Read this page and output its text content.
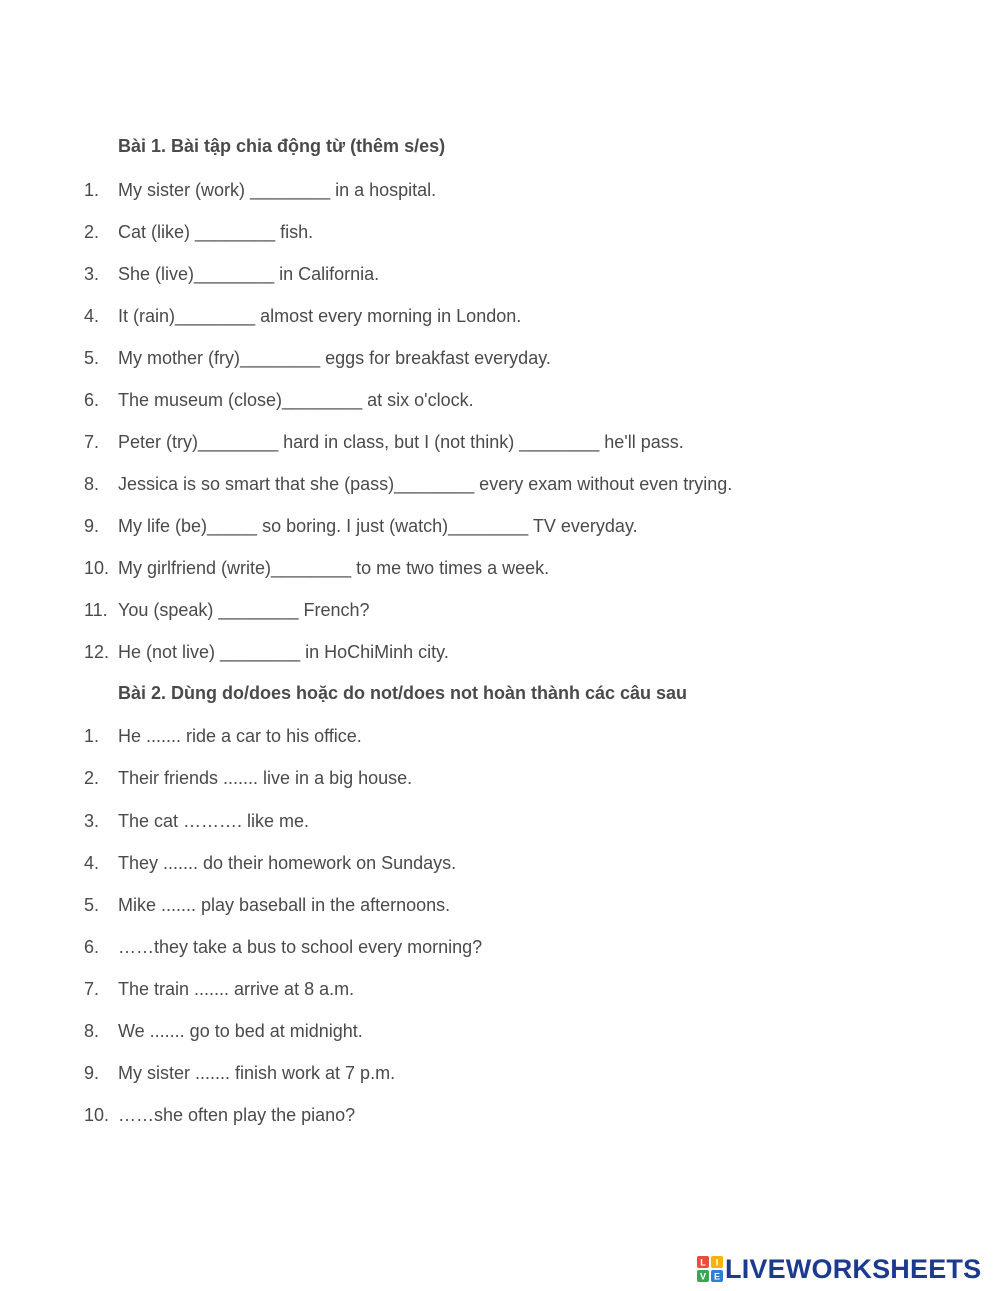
Bài 1. Bài tập chia động từ (thêm s/es)
1.	My sister (work) ________ in a hospital.
2.	Cat (like) ________ fish.
3.	She (live)________ in California.
4.	It (rain)________ almost every morning in London.
5.	My mother (fry)________ eggs for breakfast everyday.
6.	The museum (close)________ at six o'clock.
7.	Peter (try)________ hard in class, but I (not think) ________ he'll pass.
8.	Jessica is so smart that she (pass)________ every exam without even trying.
9.	My life (be)_____ so boring. I just (watch)________ TV everyday.
10. My girlfriend (write)________ to me two times a week.
11. You (speak) ________ French?
12. He (not live) ________ in HoChiMinh city.
Bài 2. Dùng do/does hoặc do not/does not hoàn thành các câu sau
1.	He ....... ride a car to his office.
2.	Their friends ....... live in a big house.
3.	The cat ………. like me.
4.	They ....... do their homework on Sundays.
5.	Mike ....... play baseball in the afternoons.
6.	……they take a bus to school every morning?
7.	The train ....... arrive at 8 a.m.
8.	We ....... go to bed at midnight.
9.	My sister ....... finish work at 7 p.m.
10. ……she often play the piano?
L I
V E LIVEWORKSHEETS
